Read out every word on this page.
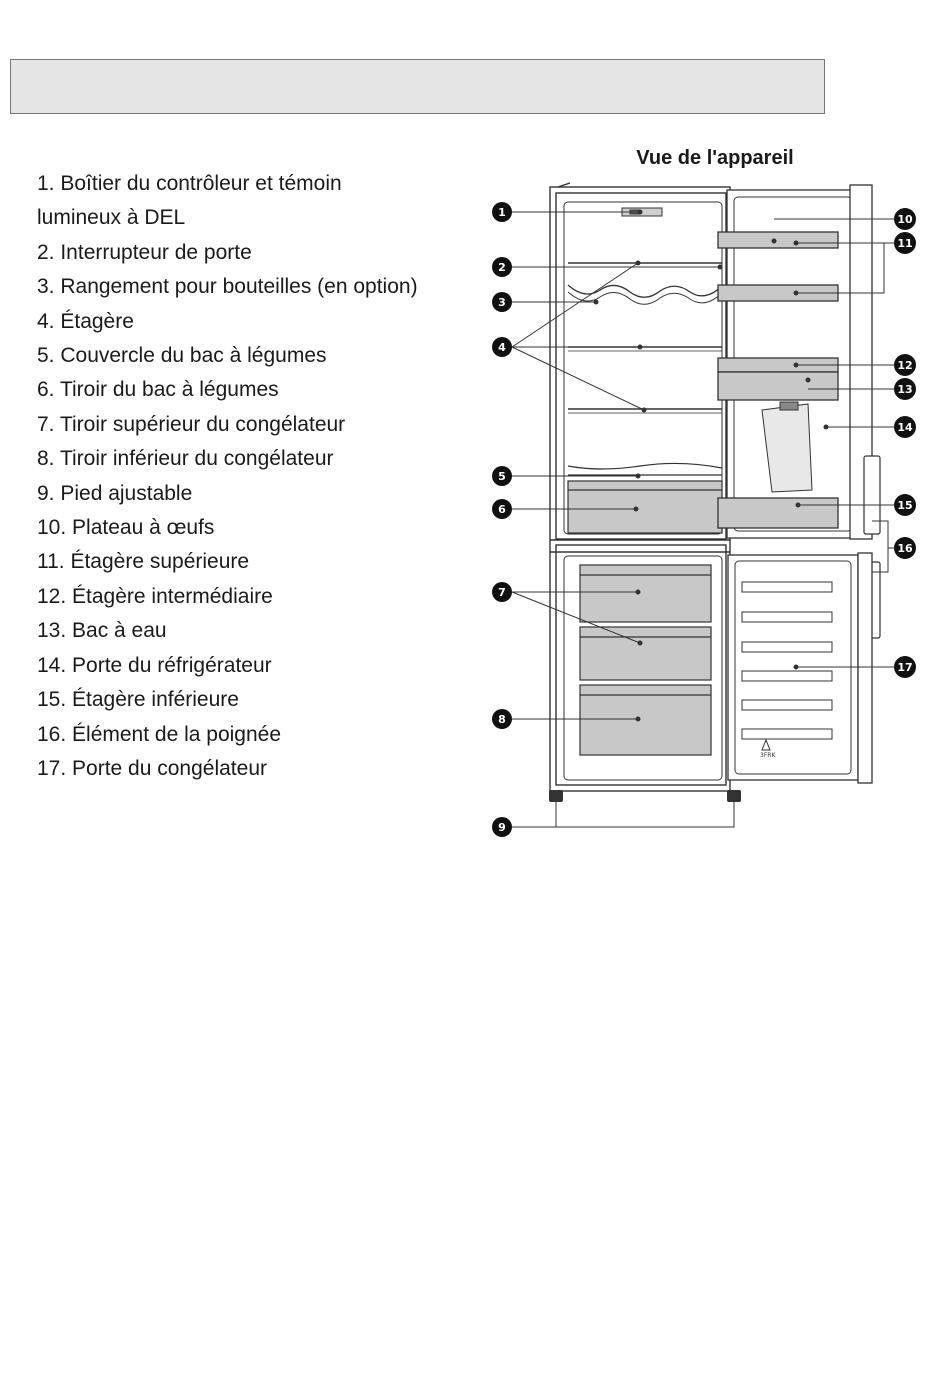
1. Boîtier du contrôleur et témoin
lumineux à DEL
2. Interrupteur de porte
3. Rangement pour bouteilles (en option)
4. Étagère
5. Couvercle du bac à légumes
6. Tiroir du bac à légumes
7. Tiroir supérieur du congélateur
8. Tiroir inférieur du congélateur
9. Pied ajustable
10. Plateau à œufs
11. Étagère supérieure
12. Étagère intermédiaire
13. Bac à eau
14. Porte du réfrigérateur
15. Étagère inférieure
16. Élément de la poignée
17. Porte du congélateur
Vue de l'appareil
3FRK
1
2
3
4
5
6
7
8
9
10
11
12
13
14
15
16
17
